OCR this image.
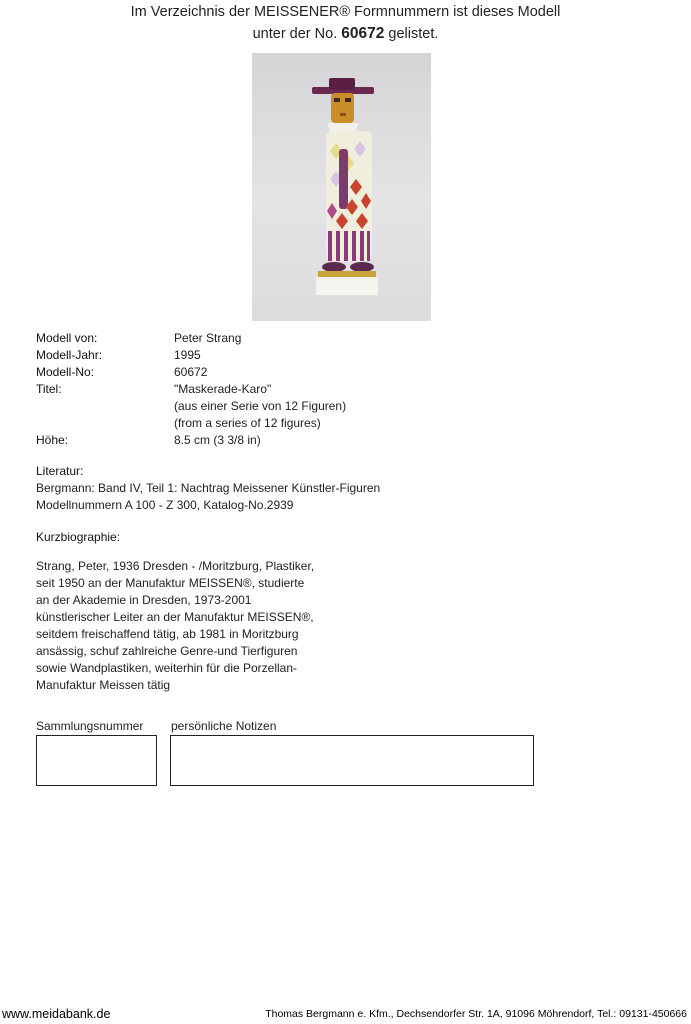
Im Verzeichnis der MEISSENER® Formnummern ist dieses Modell
unter der No. 60672 gelistet.
Modell von:	Peter Strang
Modell-Jahr:	1995
Modell-No:	60672
Titel:	"Maskerade-Karo"
(aus einer Serie von 12 Figuren)
(from a series of 12 figures)
Höhe:	8.5 cm (3 3/8 in)
Literatur:
Bergmann: Band IV, Teil 1: Nachtrag Meissener Künstler-Figuren
Modellnummern A 100 - Z 300, Katalog-No.2939
Kurzbiographie:
Strang, Peter, 1936 Dresden - /Moritzburg, Plastiker,
seit 1950 an der Manufaktur MEISSEN®, studierte
an der Akademie in Dresden, 1973-2001
künstlerischer Leiter an der Manufaktur MEISSEN®,
seitdem freischaffend tätig, ab 1981 in Moritzburg
ansässig, schuf zahlreiche Genre-und Tierfiguren
sowie Wandplastiken, weiterhin für die Porzellan-
Manufaktur Meissen tätig
Sammlungsnummer persönliche Notizen
www.meidabank.de	Thomas Bergmann e. Kfm., Dechsendorfer Str. 1A, 91096 Möhrendorf, Tel.: 09131-450666
